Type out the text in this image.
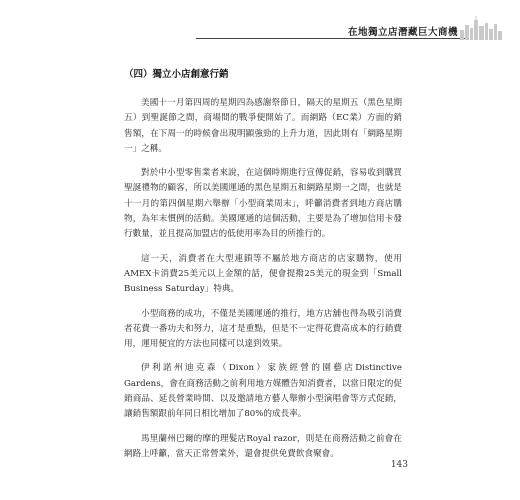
在地獨立店潛藏巨大商機
（四）獨立小店創意行銷

美國十一月第四周的星期四為感謝祭節日，隔天的星期五（黑色星期五）到聖誕節之間，商場間的戰爭便開始了。而網路（EC業）方面的銷售額，在下周一的時候會出現明顯強勁的上升力道，因此則有「網路星期一」之稱。

對於中小型零售業者來說，在這個時期進行宣傳促銷，容易收到購買聖誕禮物的顧客，所以美國運通的黑色星期五和網路星期一之間，也就是十一月的第四個星期六舉辦「小型商業周末」，呼籲消費者到地方商店購物，為年末慣例的活動。美國運通的這個活動，主要是為了增加信用卡發行數量，並且提高加盟店的低使用率為目的所推行的。

這一天，消費者在大型連鎖等不屬於地方商店的店家購物，使用AMEX卡消費25美元以上金額的話，便會提撥25美元的現金到「Small Business Saturday」特典。

小型商務的成功，不僅是美國運通的推行，地方店舖也得為吸引消費者花費一番功夫和努力，這才是重點，但是不一定得花費高成本的行銷費用，運用便宜的方法也同樣可以達到效果。

伊利諾州迪克森（Dixon）家族經營的園藝店Distinctive Gardens，會在商務活動之前利用地方媒體告知消費者，以當日限定的促銷商品、延長營業時間、以及邀請地方藝人舉辦小型演唱會等方式促銷，讓銷售額跟前年同日相比增加了80%的成長率。

馬里蘭州巴爾的摩的理髮店Royal razor，則是在商務活動之前會在網路上呼籲，當天正常營業外，還會提供免費飲食聚會。

143
